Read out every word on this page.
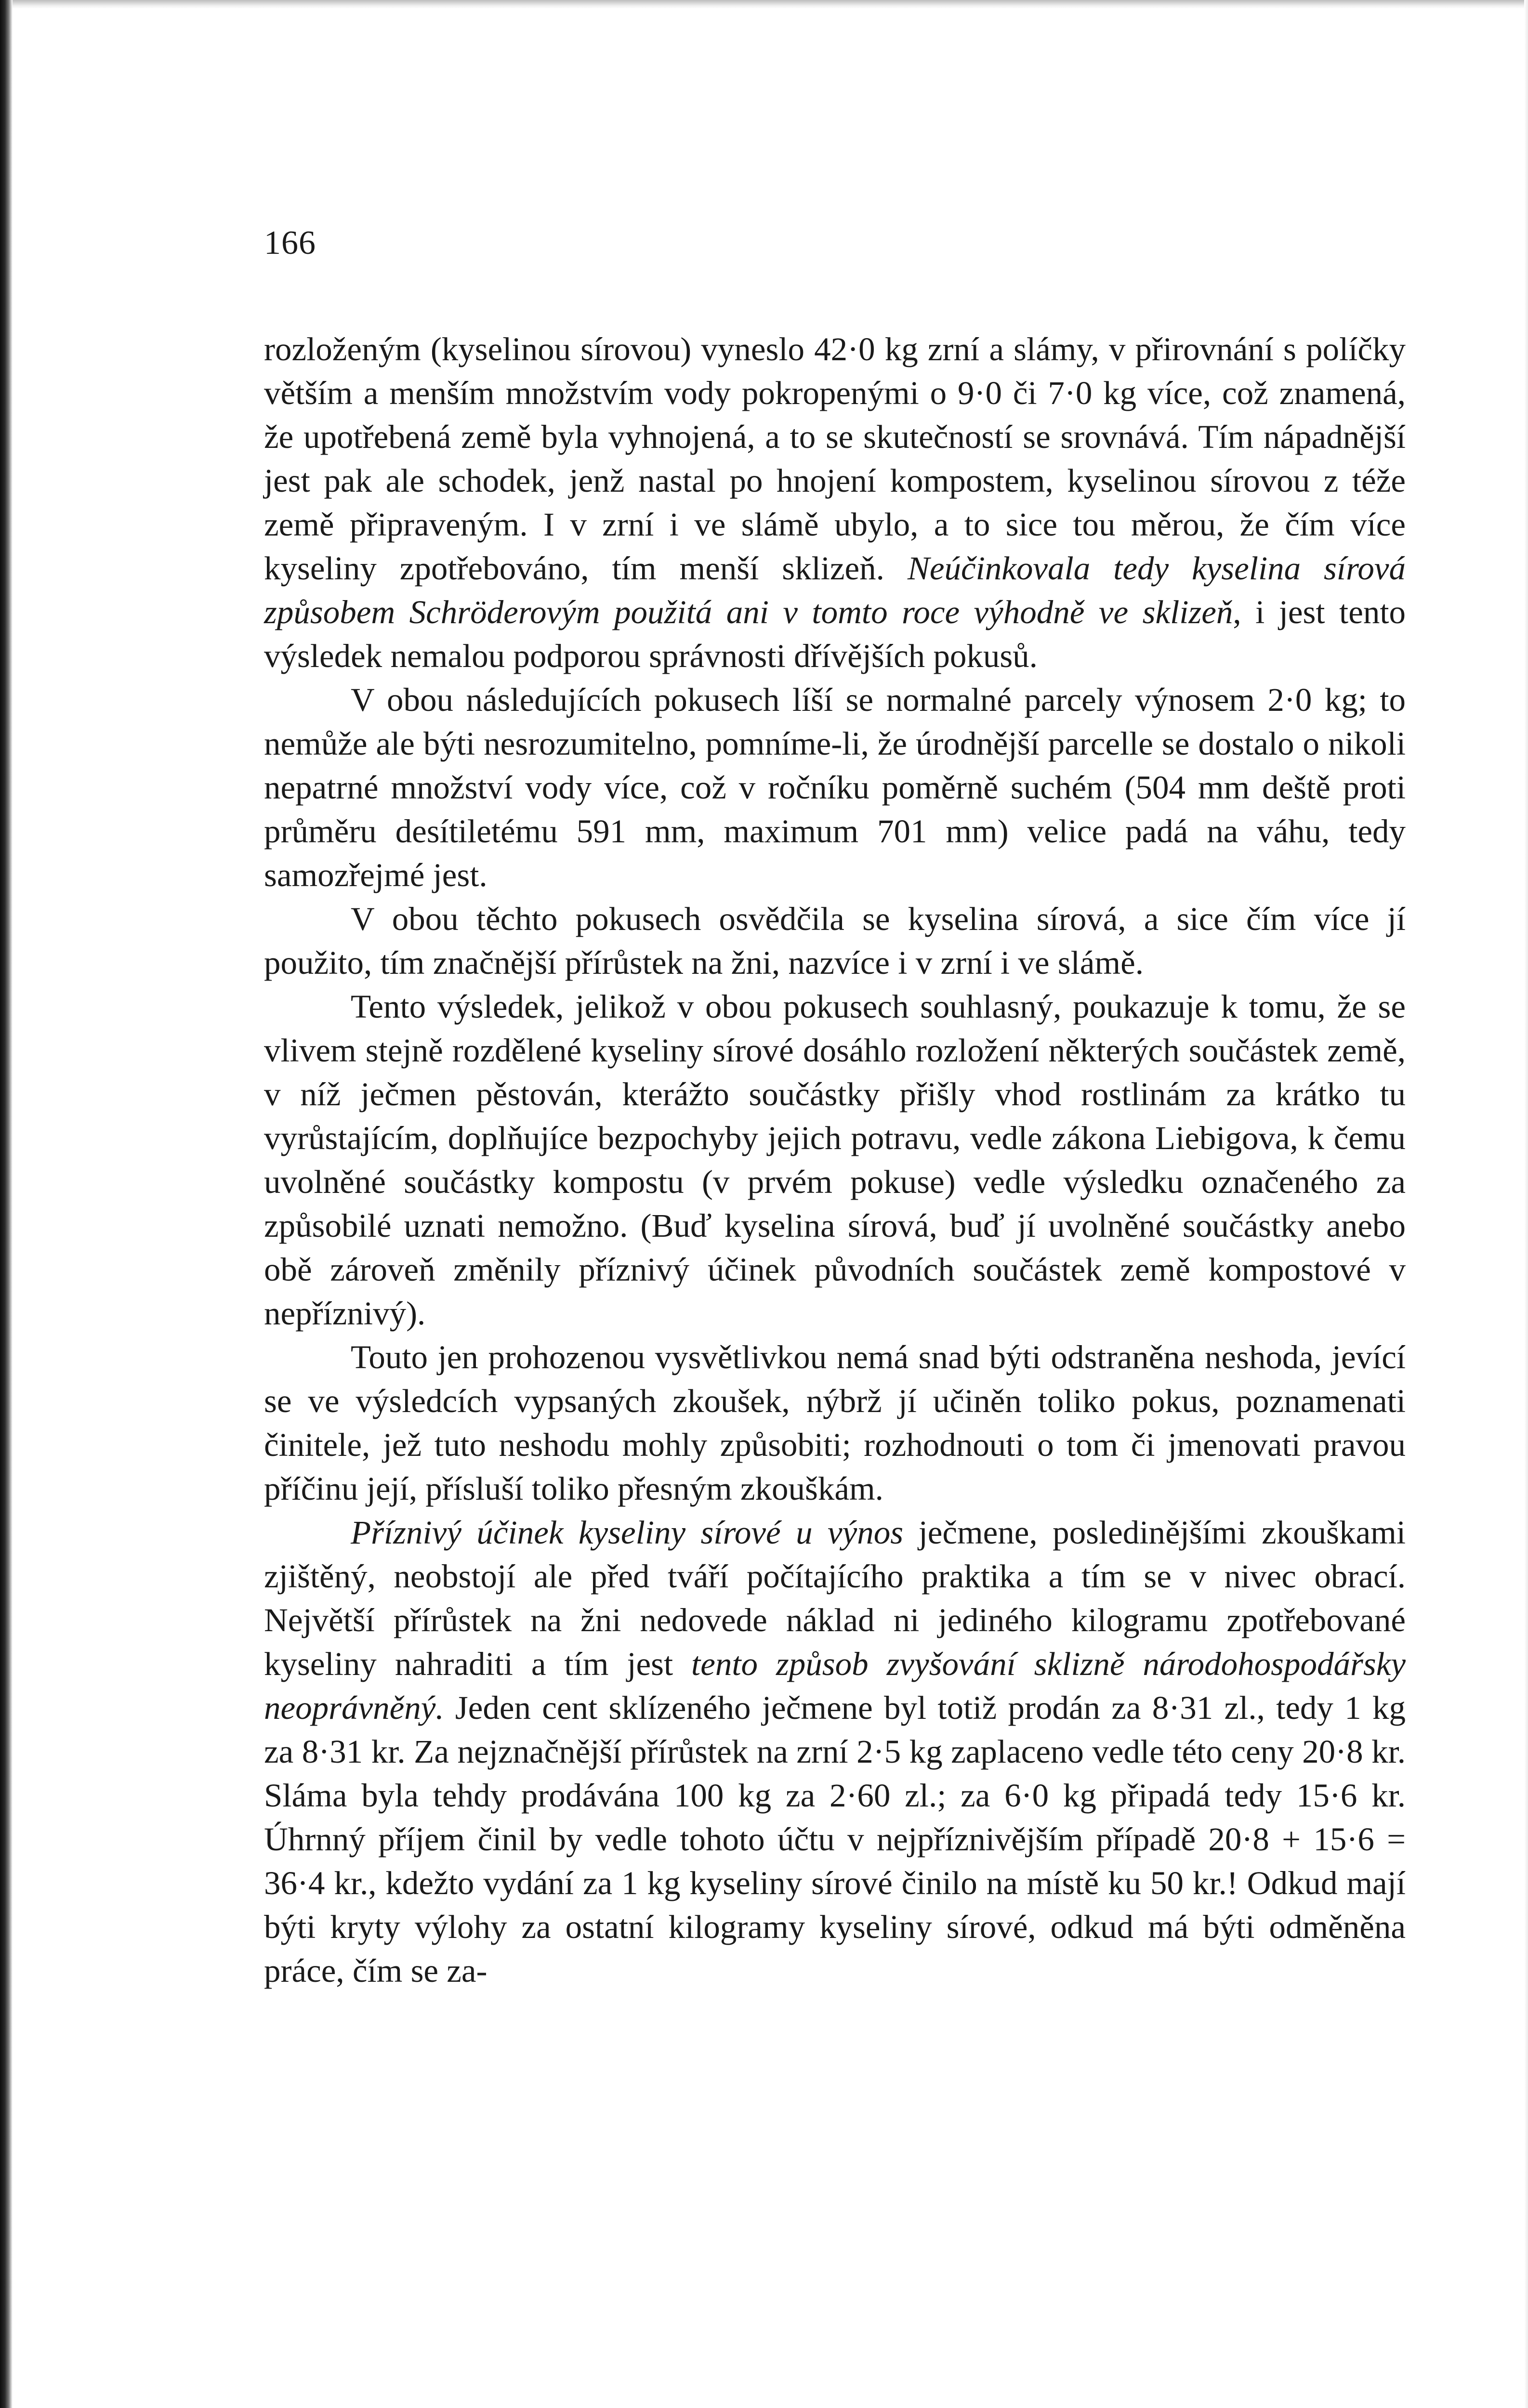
166

rozloženým (kyselinou sírovou) vyneslo 42·0 kg zrní a slámy, v přirovnání s políčky větším a menším množstvím vody pokropenými o 9·0 či 7·0 kg více, což znamená, že upotřebená země byla vyhnojená, a to se skutečností se srovnává. Tím nápadnější jest pak ale schodek, jenž nastal po hnojení kompostem, kyselinou sírovou z téže země připraveným. I v zrní i ve slámě ubylo, a to sice tou měrou, že čím více kyseliny zpotřebováno, tím menší sklizeň. Neúčinkovala tedy kyselina sírová způsobem Schröderovým použitá ani v tomto roce výhodně ve sklizeň, i jest tento výsledek nemalou podporou správnosti dřívějších pokusů.

V obou následujících pokusech líší se normalné parcely výnosem 2·0 kg; to nemůže ale býti nesrozumitelno, pomníme-li, že úrodnější parcelle se dostalo o nikoli nepatrné množství vody více, což v ročníku poměrně suchém (504 mm deště proti průměru desítiletému 591 mm, maximum 701 mm) velice padá na váhu, tedy samozřejmé jest.

V obou těchto pokusech osvědčila se kyselina sírová, a sice čím více jí použito, tím značnější přírůstek na žni, nazvíce i v zrní i ve slámě.

Tento výsledek, jelikož v obou pokusech souhlasný, poukazuje k tomu, že se vlivem stejně rozdělené kyseliny sírové dosáhlo rozložení některých součástek země, v níž ječmen pěstován, kterážto součástky přišly vhod rostlinám za krátko tu vyrůstajícím, doplňujíce bezpochyby jejich potravu, vedle zákona Liebigova, k čemu uvolněné součástky kompostu (v prvém pokuse) vedle výsledku označeného za způsobilé uznati nemožno. (Buď kyselina sírová, buď jí uvolněné součástky anebo obě zároveň změnily příznivý účinek původních součástek země kompostové v nepříznivý).

Touto jen prohozenou vysvětlivkou nemá snad býti odstraněna neshoda, jevící se ve výsledcích vypsaných zkoušek, nýbrž jí učiněn toliko pokus, poznamenati činitele, jež tuto neshodu mohly způsobiti; rozhodnouti o tom či jmenovati pravou příčinu její, přísluší toliko přesným zkouškám.

Příznivý účinek kyseliny sírové u výnos ječmene, posledinějšími zkouškami zjištěný, neobstojí ale před tváří počítajícího praktika a tím se v nivec obrací. Největší přírůstek na žni nedovede náklad ni jediného kilogramu zpotřebované kyseliny nahraditi a tím jest tento způsob zvyšování sklizně národohospodářsky neoprávněný. Jeden cent sklízeného ječmene byl totiž prodán za 8·31 zl., tedy 1 kg za 8·31 kr. Za nejznačnější přírůstek na zrní 2·5 kg zaplaceno vedle této ceny 20·8 kr. Sláma byla tehdy prodávána 100 kg za 2·60 zl.; za 6·0 kg připadá tedy 15·6 kr. Úhrnný příjem činil by vedle tohoto účtu v nejpříznivějším případě 20·8 + 15·6 = 36·4 kr., kdežto vydání za 1 kg kyseliny sírové činilo na místě ku 50 kr.! Odkud mají býti kryty výlohy za ostatní kilogramy kyseliny sírové, odkud má býti odměněna práce, čím se za-
